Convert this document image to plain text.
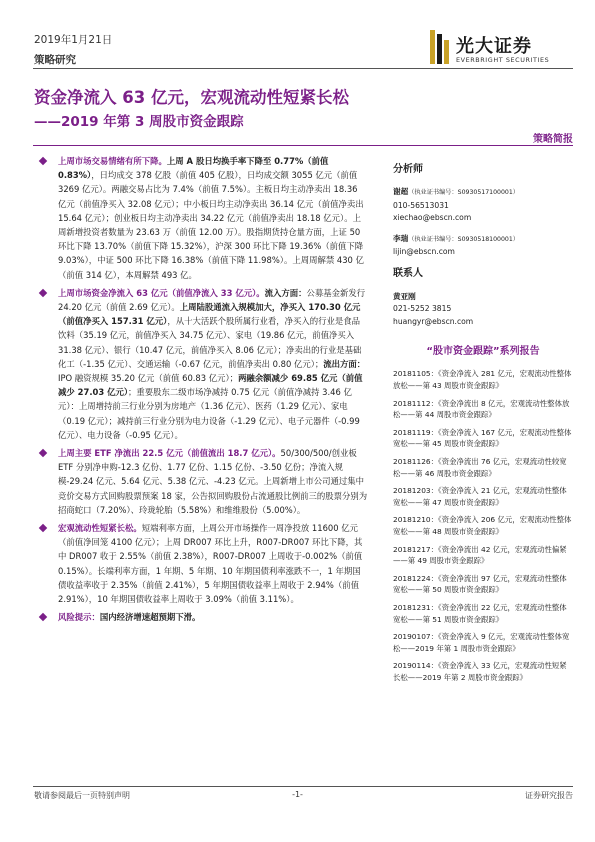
2019年1月21日
策略研究
光大证券
EVERBRIGHT SECURITIES
资金净流入 63 亿元，宏观流动性短紧长松
——2019 年第 3 周股市资金跟踪
策略简报
上周市场交易情绪有所下降。上周 A 股日均换手率下降至 0.77%（前值 0.83%），日均成交 378 亿股（前值 405 亿股），日均成交额 3055 亿元（前值 3269 亿元）。两融交易占比为 7.4%（前值 7.5%）。主板日均主动净卖出 18.36 亿元（前值净买入 32.08 亿元）；中小板日均主动净卖出 36.14 亿元（前值净卖出 15.64 亿元）；创业板日均主动净卖出 34.22 亿元（前值净卖出 18.18 亿元）。上周新增投资者数量为 23.63 万（前值 12.00 万）。股指期货持仓量方面，上证 50 环比下降 13.70%（前值下降 15.32%），沪深 300 环比下降 19.36%（前值下降 9.03%），中证 500 环比下降 16.38%（前值下降 11.98%）。上周周解禁 430 亿（前值 314 亿），本周解禁 493 亿。
上周市场资金净流入 63 亿元（前值净流入 33 亿元）。流入方面：公募基金新发行 24.20 亿元（前值 2.69 亿元）。上周陆股通流入规模加大，净买入 170.30 亿元（前值净买入 157.31 亿元），从十大活跃个股所属行业看，净买入的行业是食品饮料（35.19 亿元，前值净买入 34.75 亿元）、家电（19.86 亿元，前值净买入 31.38 亿元）、银行（10.47 亿元，前值净买入 8.06 亿元）；净卖出的行业是基础化工（-1.35 亿元）、交通运输（-0.67 亿元，前值净卖出 0.80 亿元）；流出方面：IPO 融资规模 35.20 亿元（前值 60.83 亿元）；两融余额减少 69.85 亿元（前值减少 27.03 亿元）；重要股东二级市场净减持 0.75 亿元（前值净减持 3.46 亿元）：上周增持前三行业分别为房地产（1.36 亿元）、医药（1.29 亿元）、家电（0.19 亿元）；减持前三行业分别为电力设备（-1.29 亿元）、电子元器件（-0.99 亿元）、电力设备（-0.95 亿元）。
上周主要 ETF 净流出 22.5 亿元（前值流出 18.7 亿元）。50/300/500/创业板 ETF 分别净申购-12.3 亿份、1.77 亿份、1.15 亿份、-3.50 亿份；净流入规模-29.24 亿元、5.64 亿元、5.38 亿元、-4.23 亿元。上周新增上市公司通过集中竞价交易方式回购股票预案 18 家，公告拟回购股份占流通股比例前三的股票分别为招商蛇口（7.20%）、玲珑轮胎（5.58%）和维维股份（5.00%）。
宏观流动性短紧长松。短端利率方面，上周公开市场操作一周净投放 11600 亿元（前值净回笼 4100 亿元）；上周 DR007 环比上升，R007-DR007 环比下降，其中 DR007 收于 2.55%（前值 2.38%），R007-DR007 上周收于-0.002%（前值 0.15%）。长端利率方面，1 年期、5 年期、10 年期国债利率涨跌不一，1 年期国债收益率收于 2.35%（前值 2.41%），5 年期国债收益率上周收于 2.94%（前值 2.91%），10 年期国债收益率上周收于 3.09%（前值 3.11%）。
风险提示：国内经济增速超预期下滑。
分析师
谢超（执业证书编号：S0930517100001）
010-56513031
xiechao@ebscn.com
李瑞（执业证书编号：S0930518100001）
lijin@ebscn.com
联系人
黄亚刚
021-5252 3815
huangyr@ebscn.com
“股市资金跟踪”系列报告
20181105：《资金净流入 281 亿元，宏观流动性整体放松——第 43 周股市资金跟踪》
20181112：《资金净流出 8 亿元，宏观流动性整体放松——第 44 周股市资金跟踪》
20181119：《资金净流入 167 亿元，宏观流动性整体宽松——第 45 周股市资金跟踪》
20181126：《资金净流出 76 亿元，宏观流动性较宽松——第 46 周股市资金跟踪》
20181203：《资金净流入 21 亿元，宏观流动性整体宽松——第 47 周股市资金跟踪》
20181210：《资金净流入 206 亿元，宏观流动性整体宽松——第 48 周股市资金跟踪》
20181217：《资金净流出 42 亿元，宏观流动性偏紧——第 49 周股市资金跟踪》
20181224：《资金净流出 97 亿元，宏观流动性整体宽松——第 50 周股市资金跟踪》
20181231：《资金净流出 22 亿元，宏观流动性整体宽松——第 51 周股市资金跟踪》
20190107：《资金净流入 9 亿元，宏观流动性整体宽松——2019 年第 1 周股市资金跟踪》
20190114：《资金净流入 33 亿元，宏观流动性短紧长松——2019 年第 2 周股市资金跟踪》
敬请参阅最后一页特别声明	-1-	证券研究报告
